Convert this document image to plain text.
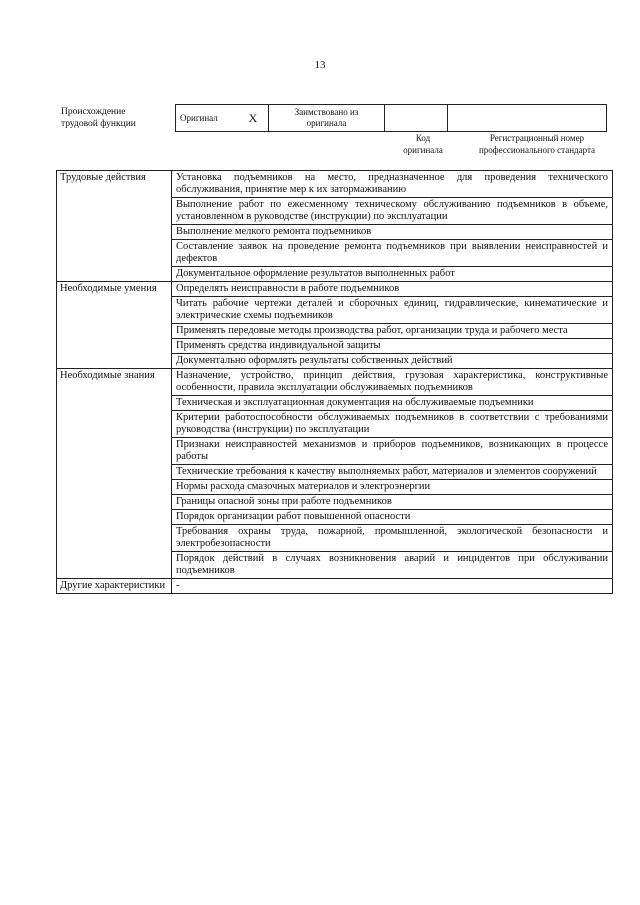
13
Происхождение
трудовой функции
Оригинал	X	Заимствовано из
оригинала

Код
оригинала
Регистрационный номер
профессионального стандарта
Трудовые действия	Установка подъемников на место, предназначенное для проведения технического обслуживания, принятие мер к их затормаживанию
	Выполнение работ по ежесменному техническому обслуживанию подъемников в объеме, установленном в руководстве (инструкции) по эксплуатации
	Выполнение мелкого ремонта подъемников
	Составление заявок на проведение ремонта подъемников при выявлении неисправностей и дефектов
	Документальное оформление результатов выполненных работ
Необходимые умения	Определять неисправности в работе подъемников
	Читать рабочие чертежи деталей и сборочных единиц, гидравлические, кинематические и электрические схемы подъемников
	Применять передовые методы производства работ, организации труда и рабочего места
	Применять средства индивидуальной защиты
	Документально оформлять результаты собственных действий
Необходимые знания	Назначение, устройство, принцип действия, грузовая характеристика, конструктивные особенности, правила эксплуатации обслуживаемых подъемников
	Техническая и эксплуатационная документация на обслуживаемые подъемники
	Критерии работоспособности обслуживаемых подъемников в соответствии с требованиями руководства (инструкции) по эксплуатации
	Признаки неисправностей механизмов и приборов подъемников, возникающих в процессе работы
	Технические требования к качеству выполняемых работ, материалов и элементов сооружений
	Нормы расхода смазочных материалов и электроэнергии
	Границы опасной зоны при работе подъемников
	Порядок организации работ повышенной опасности
	Требования охраны труда, пожарной, промышленной, экологической безопасности и электробезопасности
	Порядок действий в случаях возникновения аварий и инцидентов при обслуживании подъемников
Другие характеристики	-
